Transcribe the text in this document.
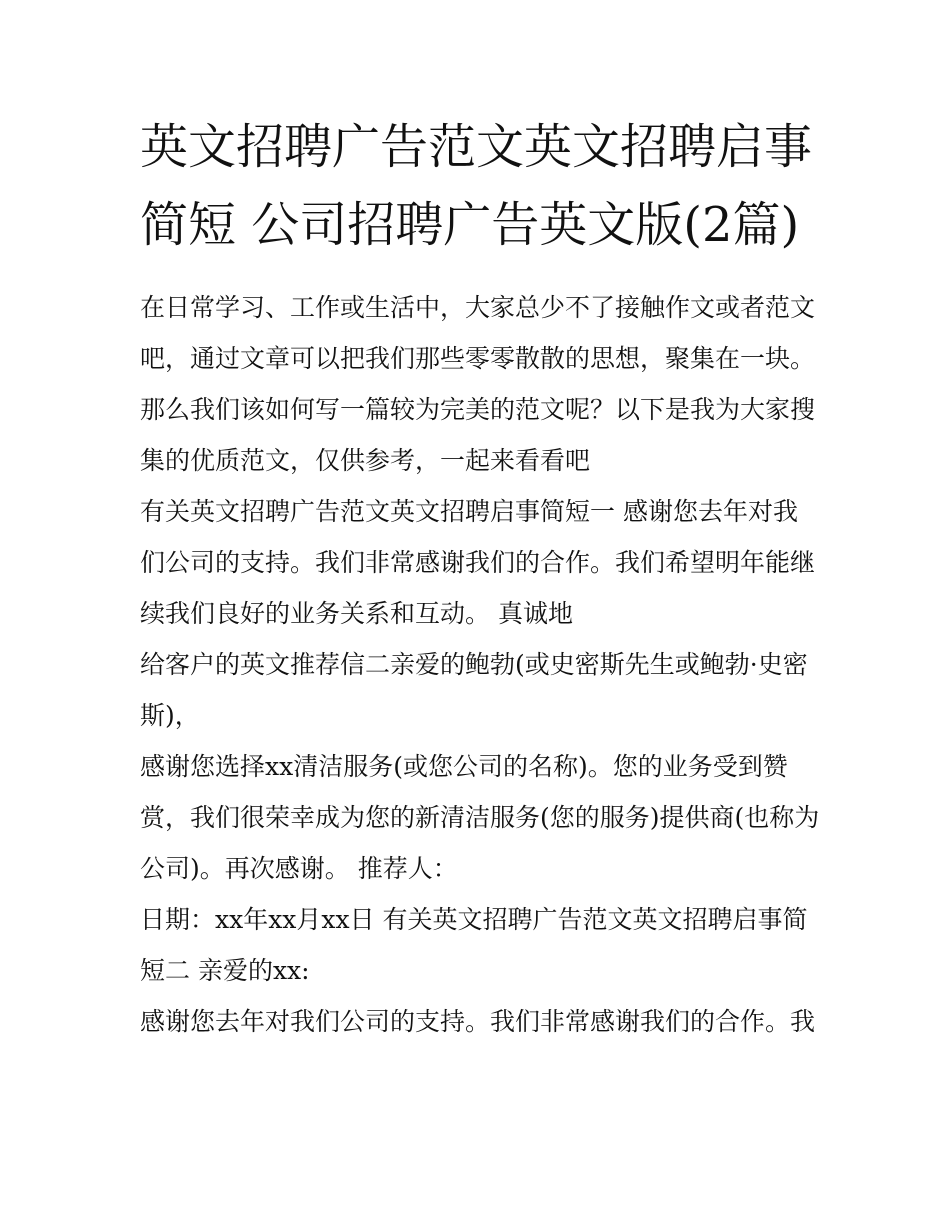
英文招聘广告范文英文招聘启事简短 公司招聘广告英文版(2篇)

在日常学习、工作或生活中，大家总少不了接触作文或者范文吧，通过文章可以把我们那些零零散散的思想，聚集在一块。那么我们该如何写一篇较为完美的范文呢？以下是我为大家搜集的优质范文，仅供参考，一起来看看吧

有关英文招聘广告范文英文招聘启事简短一 感谢您去年对我们公司的支持。我们非常感谢我们的合作。我们希望明年能继续我们良好的业务关系和互动。 真诚地

给客户的英文推荐信二亲爱的鲍勃(或史密斯先生或鲍勃·史密斯)，

感谢您选择xx清洁服务(或您公司的名称)。您的业务受到赞赏，我们很荣幸成为您的新清洁服务(您的服务)提供商(也称为公司)。再次感谢。 推荐人：

日期：xx年xx月xx日 有关英文招聘广告范文英文招聘启事简短二 亲爱的xx:

感谢您去年对我们公司的支持。我们非常感谢我们的合作。我
